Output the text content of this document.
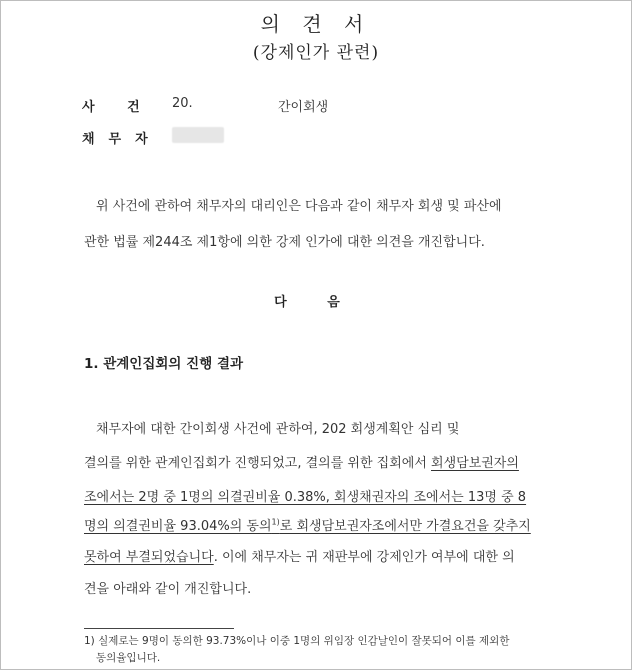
의 견 서
(강제인가 관련)
사 건 20.	간이회생
채무자
위 사건에 관하여 채무자의 대리인은 다음과 같이 채무자 회생 및 파산에
관한 법률 제244조 제1항에 의한 강제 인가에 대한 의견을 개진합니다.
다 음
1. 관계인집회의 진행 결과
채무자에 대한 간이회생 사건에 관하여, 202 회생계획안 심리 및
결의를 위한 관계인집회가 진행되었고, 결의를 위한 집회에서 회생담보권자의
조에서는 2명 중 1명의 의결권비율 0.38%, 회생채권자의 조에서는 13명 중 8
명의 의결권비율 93.04%의 동의$^{1)}$로 회생담보권자조에서만 가결요건을 갖추지
못하여 부결되었습니다. 이에 채무자는 귀 재판부에 강제인가 여부에 대한 의
견을 아래와 같이 개진합니다.
1) 실제로는 9명이 동의한 93.73%이나 이중 1명의 위임장 인감날인이 잘못되어 이를 제외한
동의율입니다.
